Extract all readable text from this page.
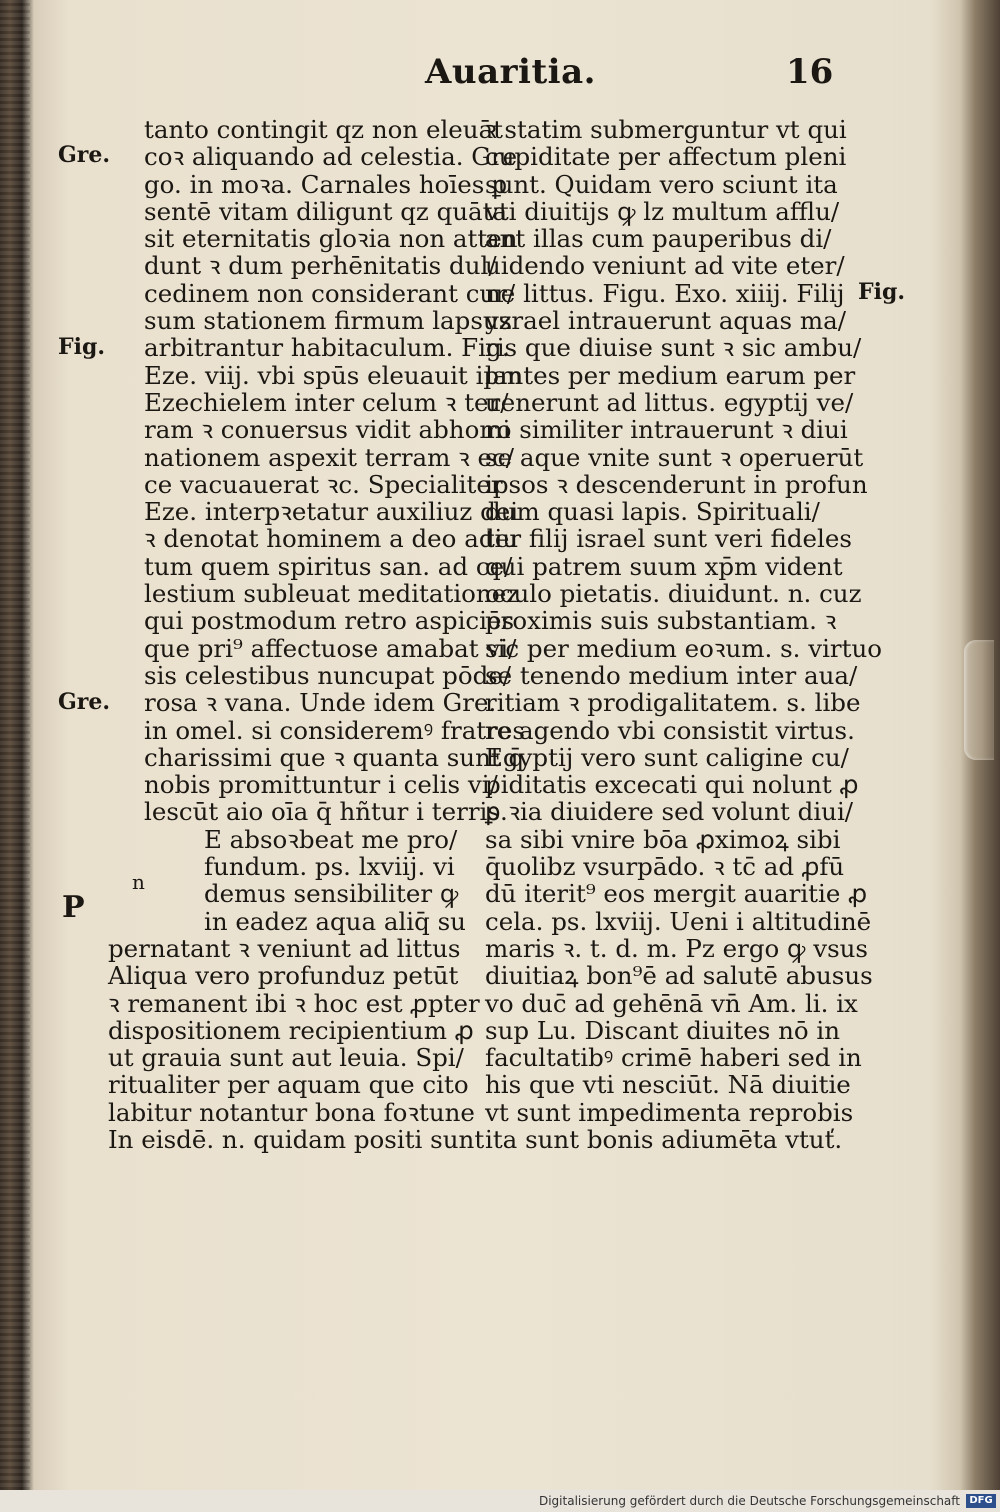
Auaritia.	16
Gre.
Fig.
Gre.
Fig.
tanto contingit qz non eleuāt
coꝛ aliquando ad celestia. Gre
go. in moꝛa. Carnales hoīes ꝑ
sentē vitam diligunt qz quāta
sit eternitatis gloꝛia non atten
dunt ꝛ dum perhēnitatis dul/
cedinem non considerant cur/
sum stationem firmum lapsuz
arbitrantur habitaculum. Fig.
Eze. viij. vbi spūs eleuauit ipm
Ezechielem inter celum ꝛ ter/
ram ꝛ conuersus vidit abhomi
nationem aspexit terram ꝛ ec/
ce vacuauerat ꝛc. Specialiter
Eze. interpꝛetatur auxiliuz dei
ꝛ denotat hominem a deo adiu
tum quem spiritus san. ad ce/
lestium subleuat meditationez
qui postmodum retro aspiciēs
que pri⁹ affectuose amabat vi/
sis celestibus nuncupat pōde/
rosa ꝛ vana. Unde idem Gre.
in omel. si consideremꝰ fratres
charissimi que ꝛ quanta sunt q̄
nobis promittuntur i celis vi/
lescūt aio oīa q̄ hñtur i terris.
E absoꝛbeat me pro/
fundum. ps. lxviij. vi
demus sensibiliter ꝙ
in eadez aqua aliq̄ su
pernatant ꝛ veniunt ad littus
Aliqua vero profunduz petūt
ꝛ remanent ibi ꝛ hoc est ꝓpter
dispositionem recipientium ꝓ
ut grauia sunt aut leuia. Spi/
ritualiter per aquam que cito
labitur notantur bona foꝛtune
In eisdē. n. quidam positi sunt
n
P
ꝛ statim submerguntur vt qui
cupiditate per affectum pleni
sunt. Quidam vero sciunt ita
vti diuitijs ꝙ lz multum afflu/
ant illas cum pauperibus di/
uidendo veniunt ad vite eter/
ne littus. Figu. Exo. xiiij. Filij
ysrael intrauerunt aquas ma/
ris que diuise sunt ꝛ sic ambu/
lantes per medium earum per
uenerunt ad littus. egyptij ve/
ro similiter intrauerunt ꝛ diui
se aque vnite sunt ꝛ operuerūt
ipsos ꝛ descenderunt in profun
dum quasi lapis. Spirituali/
ter filij israel sunt veri fideles
qui patrem suum xp̄m vident
oculo pietatis. diuidunt. n. cuz
proximis suis substantiam. ꝛ
sic per medium eoꝛum. s. virtuo
se tenendo medium inter aua/
ritiam ꝛ prodigalitatem. s. libe
re agendo vbi consistit virtus.
Egyptij vero sunt caligine cu/
piditatis excecati qui nolunt ꝓ
ꝑ ꝛia diuidere sed volunt diui/
sa sibi vnire bōa ꝓximoꝝ sibi
q̄uolibz vsurpādo. ꝛ tc̄ ad ꝓfū
dū iterit⁹ eos mergit auaritie ꝓ
cela. ps. lxviij. Ueni i altitudinē
maris ꝛ. t. d. m. Pz ergo ꝙ vsus
diuitiaꝝ bon⁹ē ad salutē abusus
vo duc̄ ad gehēnā vn̄ Am. li. ix
sup Lu. Discant diuites nō in
facultatibꝰ crimē haberi sed in
his que vti nesciūt. Nā diuitie
vt sunt impedimenta reprobis
ita sunt bonis adiumēta vtuť.
Digitalisierung gefördert durch die Deutsche Forschungsgemeinschaft DFG
